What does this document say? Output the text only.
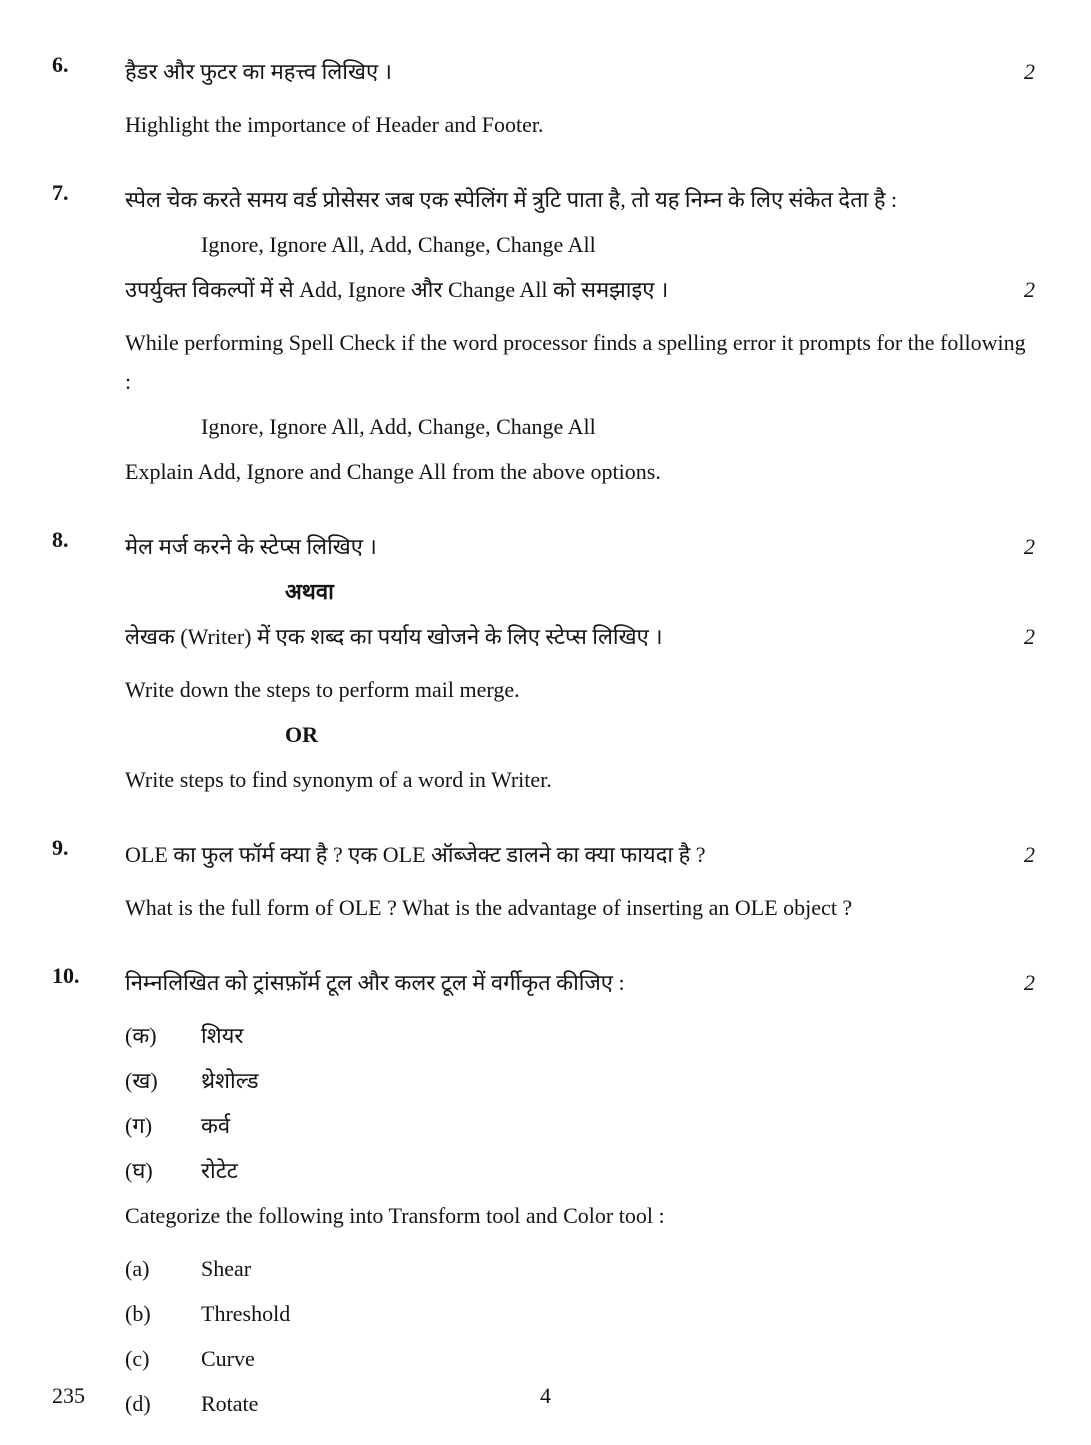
6.	2
हैडर और फुटर का महत्त्व लिखिए ।

Highlight the importance of Header and Footer.

7.	स्पेल चेक करते समय वर्ड प्रोसेसर जब एक स्पेलिंग में त्रुटि पाता है, तो यह निम्न के लिए संकेत देता है :

Ignore, Ignore All, Add, Change, Change All

2
उपर्युक्त विकल्पों में से Add, Ignore और Change All को समझाइए ।

While performing Spell Check if the word processor finds a spelling error it prompts for the following :

Ignore, Ignore All, Add, Change, Change All

Explain Add, Ignore and Change All from the above options.

8.	2
मेल मर्ज करने के स्टेप्स लिखिए ।

अथवा

2
लेखक (Writer) में एक शब्द का पर्याय खोजने के लिए स्टेप्स लिखिए ।

Write down the steps to perform mail merge.

OR

Write steps to find synonym of a word in Writer.

9.	2
OLE का फुल फॉर्म क्या है ? एक OLE ऑब्जेक्ट डालने का क्या फायदा है ?

What is the full form of OLE ? What is the advantage of inserting an OLE object ?

10.	2
निम्नलिखित को ट्रांसफ़ॉर्म टूल और कलर टूल में वर्गीकृत कीजिए :

(क)	शियर
(ख)	थ्रेशोल्ड
(ग)	कर्व
(घ)	रोटेट

Categorize the following into Transform tool and Color tool :

(a)	Shear
(b)	Threshold
(c)	Curve
(d)	Rotate
235	4
